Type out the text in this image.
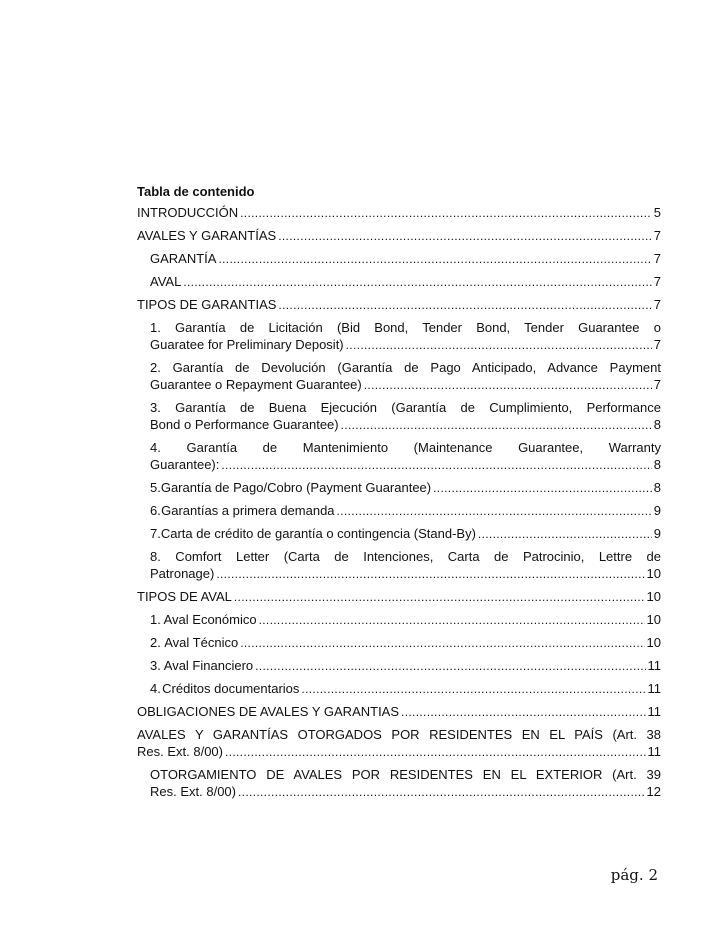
Tabla de contenido
INTRODUCCIÓN . . .	5
AVALES Y GARANTÍAS . . .	7
GARANTÍA . . .	7
AVAL . . .	7
TIPOS DE GARANTIAS . . .	7
1. Garantía de Licitación (Bid Bond, Tender Bond, Tender Guarantee o
Guaratee for Preliminary Deposit) . . .	7
2. Garantía de Devolución (Garantía de Pago Anticipado, Advance Payment
Guarantee o Repayment Guarantee) . . .	7
3. Garantía de Buena Ejecución (Garantía de Cumplimiento, Performance
Bond o Performance Guarantee) . . .	8
4. Garantía de Mantenimiento (Maintenance Guarantee, Warranty
Guarantee): . . .	8
5. Garantía de Pago/Cobro (Payment Guarantee) . . .	8
6. Garantías a primera demanda . . .	9
7. Carta de crédito de garantía o contingencia (Stand-By) . . .	9
8. Comfort Letter (Carta de Intenciones, Carta de Patrocinio, Lettre de
Patronage) . . .	10
TIPOS DE AVAL . . .	10
1. Aval Económico . . .	10
2. Aval Técnico . . .	10
3. Aval Financiero . . .	11
4. Créditos documentarios . . .	11
OBLIGACIONES DE AVALES Y GARANTIAS . . .	11
AVALES Y GARANTÍAS OTORGADOS POR RESIDENTES EN EL PAÍS (Art. 38
Res. Ext. 8/00) . . .	11
OTORGAMIENTO DE AVALES POR RESIDENTES EN EL EXTERIOR (Art. 39
Res. Ext. 8/00) . . .	12
pág. 2
